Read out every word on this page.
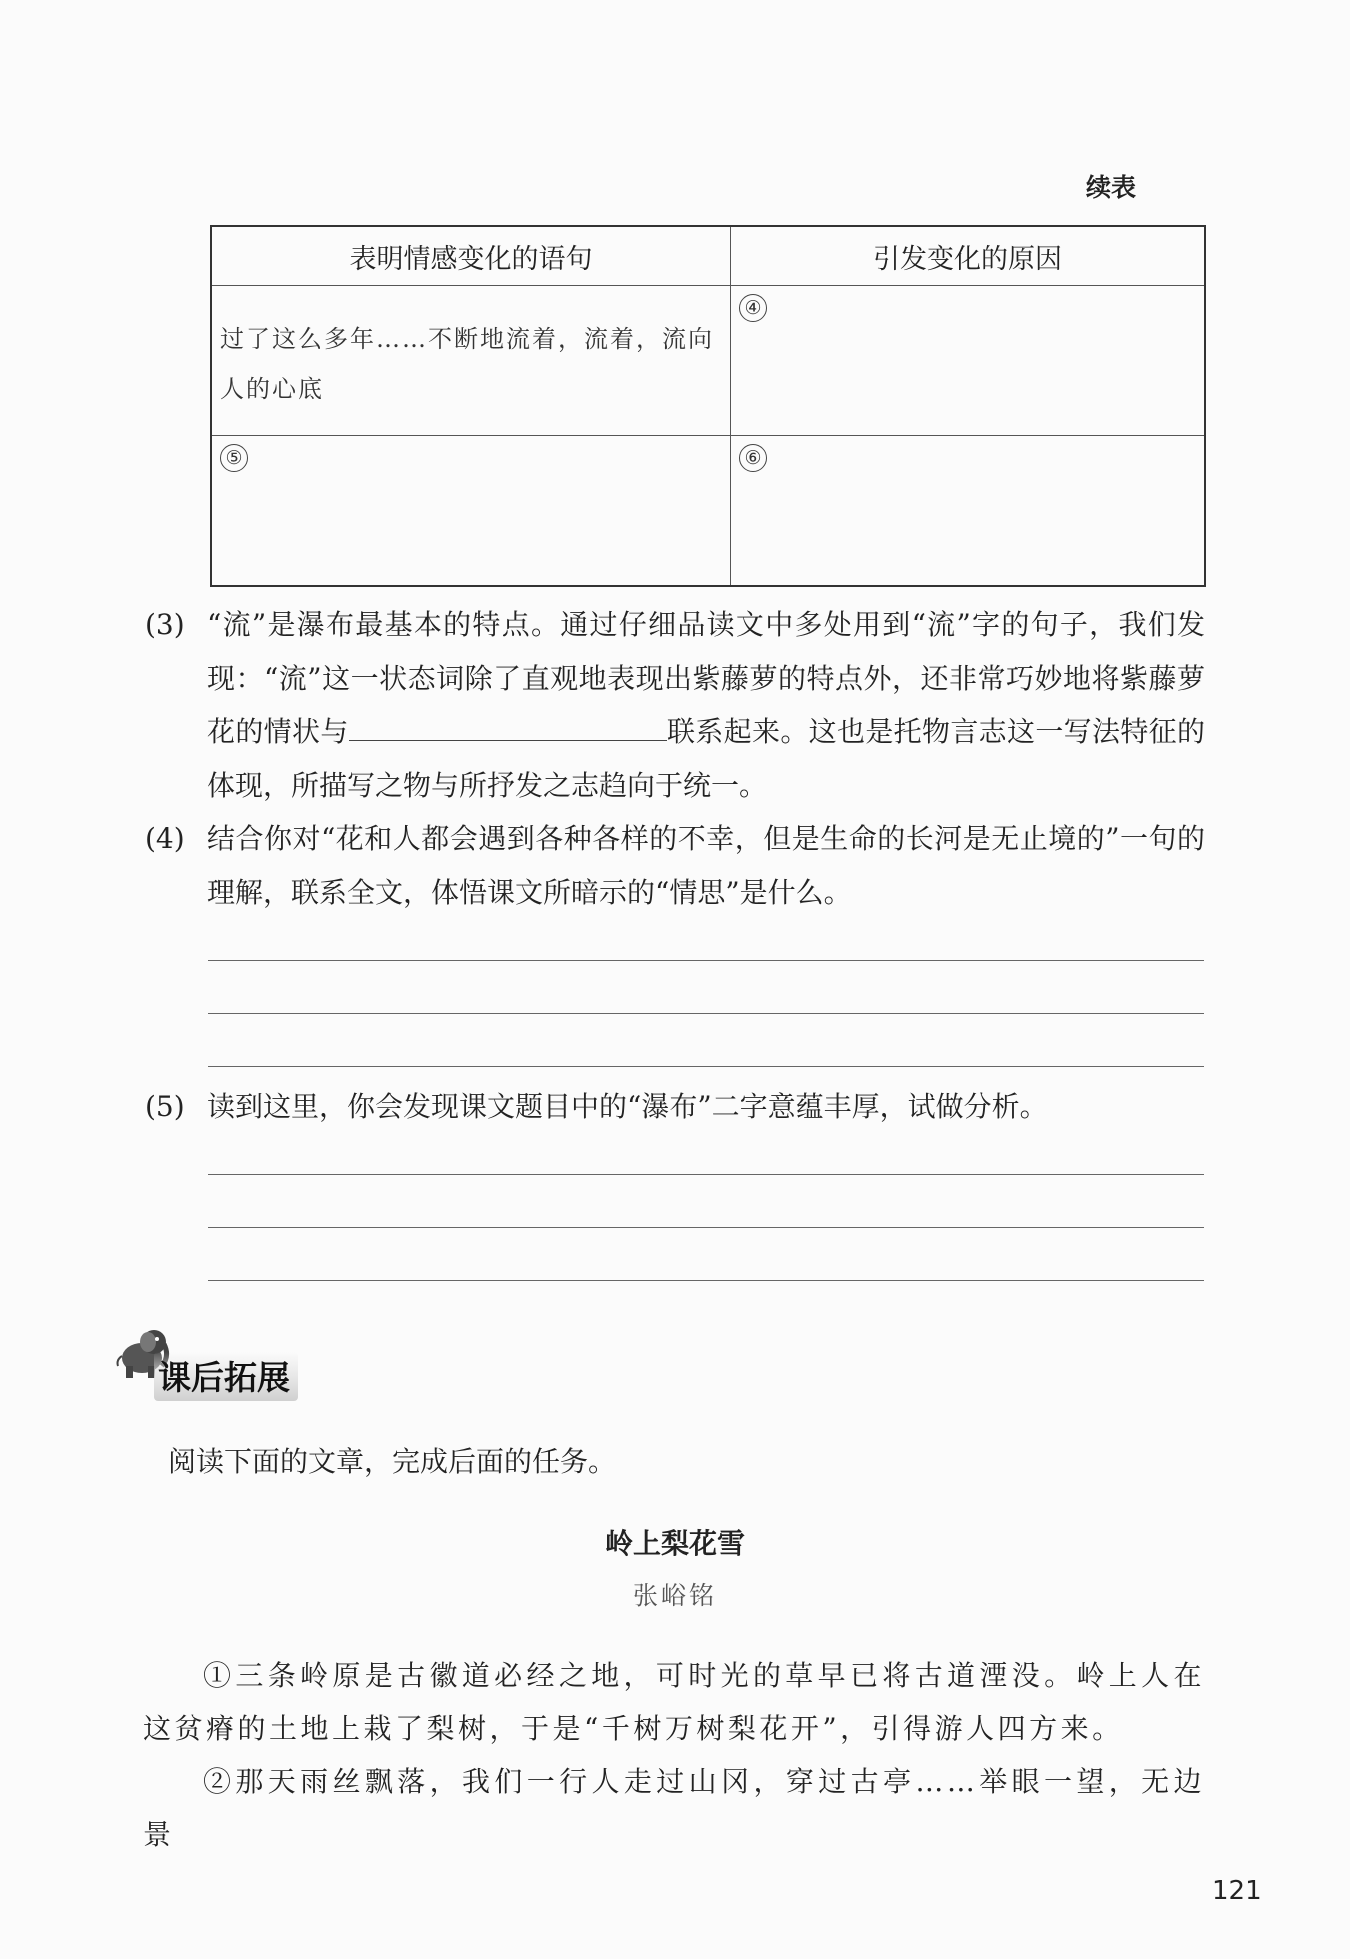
续表
表明情感变化的语句	引发变化的原因

过了这么多年……不断地流着，流着，流向人的心底	④
⑤	⑥
(3) “流”是瀑布最基本的特点。通过仔细品读文中多处用到“流”字的句子，我们发现：“流”这一状态词除了直观地表现出紫藤萝的特点外，还非常巧妙地将紫藤萝花的情状与	联系起来。这也是托物言志这一写法特征的体现，所描写之物与所抒发之志趋向于统一。
(4) 结合你对“花和人都会遇到各种各样的不幸，但是生命的长河是无止境的”一句的理解，联系全文，体悟课文所暗示的“情思”是什么。
(5) 读到这里，你会发现课文题目中的“瀑布”二字意蕴丰厚，试做分析。
课后拓展
阅读下面的文章，完成后面的任务。
岭上梨花雪
张峪铭
①三条岭原是古徽道必经之地，可时光的草早已将古道湮没。岭上人在这贫瘠的土地上栽了梨树，于是“千树万树梨花开”，引得游人四方来。
②那天雨丝飘落，我们一行人走过山冈，穿过古亭……举眼一望，无边景
121
